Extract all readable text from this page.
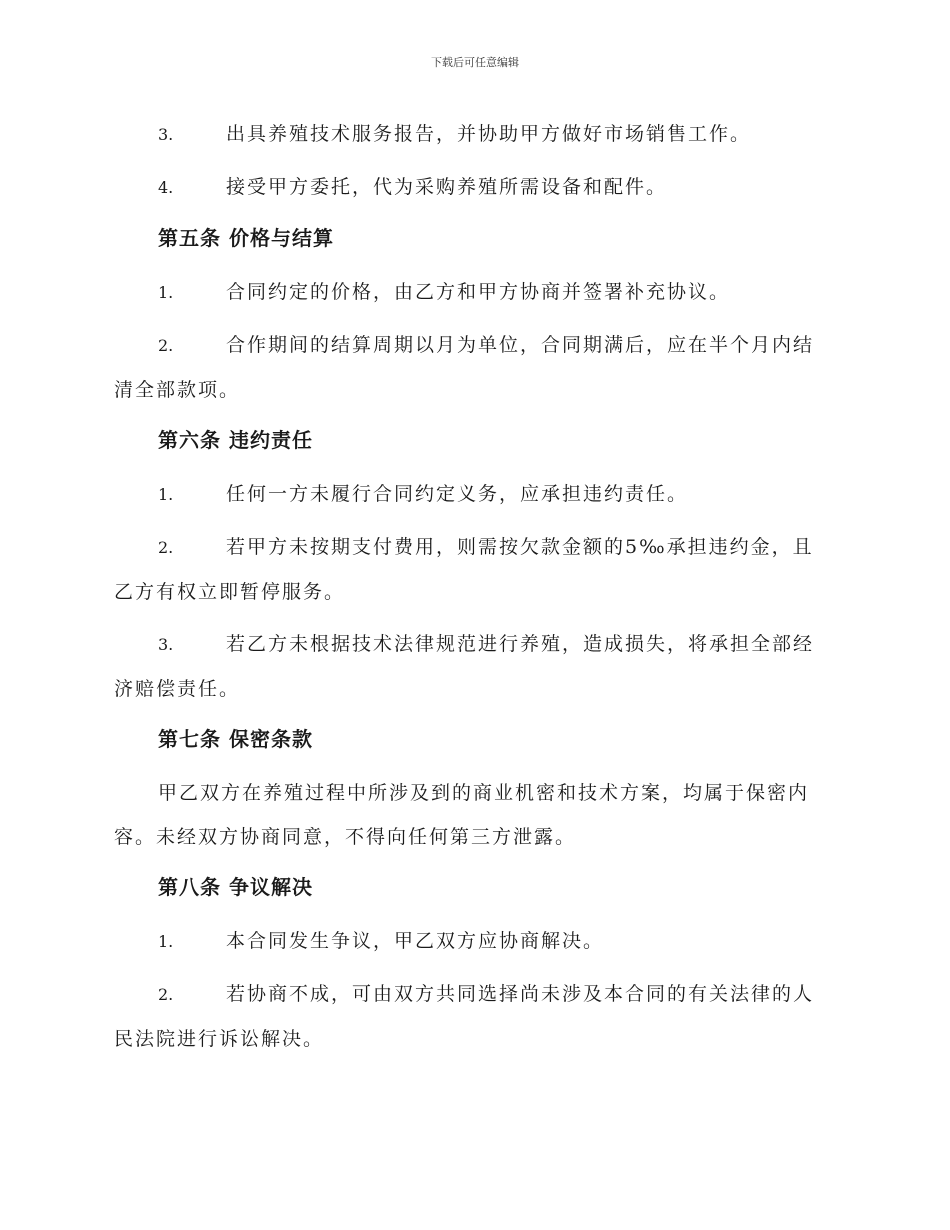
下载后可任意编辑

3.	出具养殖技术服务报告，并协助甲方做好市场销售工作。

4.	接受甲方委托，代为采购养殖所需设备和配件。

第五条 价格与结算

1.	合同约定的价格，由乙方和甲方协商并签署补充协议。

2.	合作期间的结算周期以月为单位，合同期满后，应在半个月内结清全部款项。

第六条 违约责任

1.	任何一方未履行合同约定义务，应承担违约责任。

2.	若甲方未按期支付费用，则需按欠款金额的5‰承担违约金，且乙方有权立即暂停服务。

3.	若乙方未根据技术法律规范进行养殖，造成损失，将承担全部经济赔偿责任。

第七条 保密条款

甲乙双方在养殖过程中所涉及到的商业机密和技术方案，均属于保密内容。未经双方协商同意，不得向任何第三方泄露。

第八条 争议解决

1.	本合同发生争议，甲乙双方应协商解决。

2.	若协商不成，可由双方共同选择尚未涉及本合同的有关法律的人民法院进行诉讼解决。
